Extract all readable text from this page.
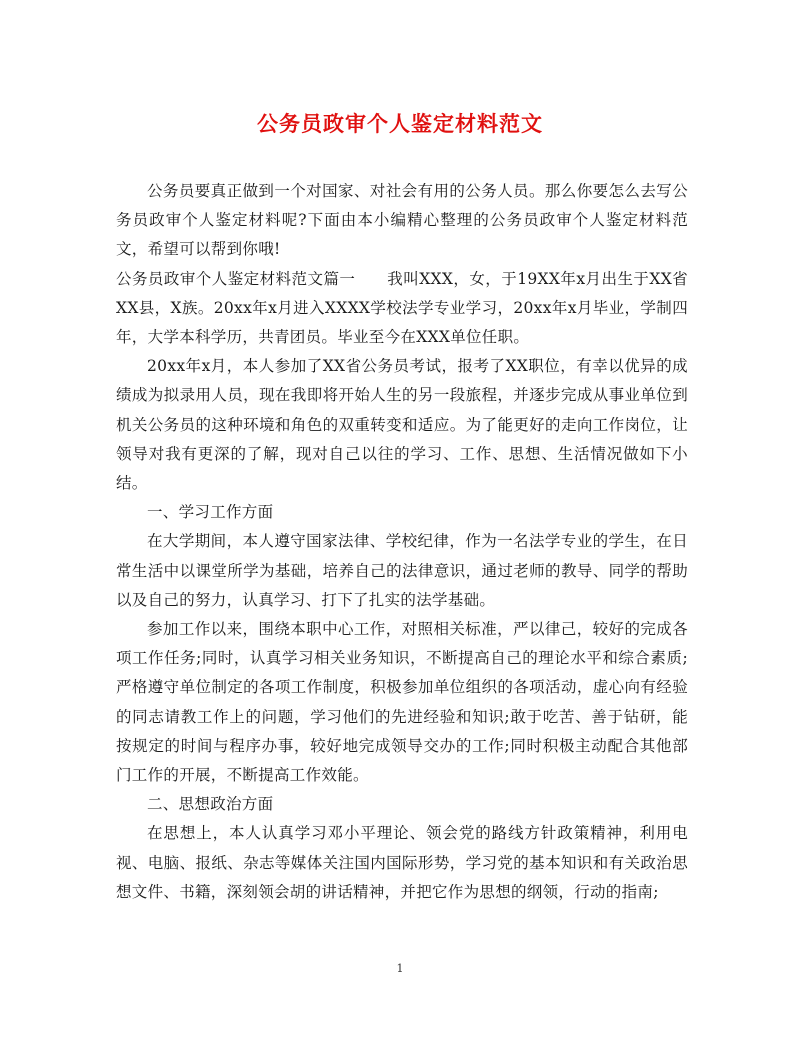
公务员政审个人鉴定材料范文

公务员要真正做到一个对国家、对社会有用的公务人员。那么你要怎么去写公务员政审个人鉴定材料呢?下面由本小编精心整理的公务员政审个人鉴定材料范文，希望可以帮到你哦!

公务员政审个人鉴定材料范文篇一　　我叫XXX，女，于19XX年x月出生于XX省XX县，X族。20xx年x月进入XXXX学校法学专业学习，20xx年x月毕业，学制四年，大学本科学历，共青团员。毕业至今在XXX单位任职。

20xx年x月，本人参加了XX省公务员考试，报考了XX职位，有幸以优异的成绩成为拟录用人员，现在我即将开始人生的另一段旅程，并逐步完成从事业单位到机关公务员的这种环境和角色的双重转变和适应。为了能更好的走向工作岗位，让领导对我有更深的了解，现对自己以往的学习、工作、思想、生活情况做如下小结。

一、学习工作方面

在大学期间，本人遵守国家法律、学校纪律，作为一名法学专业的学生，在日常生活中以课堂所学为基础，培养自己的法律意识，通过老师的教导、同学的帮助以及自己的努力，认真学习、打下了扎实的法学基础。

参加工作以来，围绕本职中心工作，对照相关标准，严以律己，较好的完成各项工作任务;同时，认真学习相关业务知识，不断提高自己的理论水平和综合素质;严格遵守单位制定的各项工作制度，积极参加单位组织的各项活动，虚心向有经验的同志请教工作上的问题，学习他们的先进经验和知识;敢于吃苦、善于钻研，能按规定的时间与程序办事，较好地完成领导交办的工作;同时积极主动配合其他部门工作的开展，不断提高工作效能。

二、思想政治方面

在思想上，本人认真学习邓小平理论、领会党的路线方针政策精神，利用电视、电脑、报纸、杂志等媒体关注国内国际形势，学习党的基本知识和有关政治思想文件、书籍，深刻领会胡的讲话精神，并把它作为思想的纲领，行动的指南;

1
